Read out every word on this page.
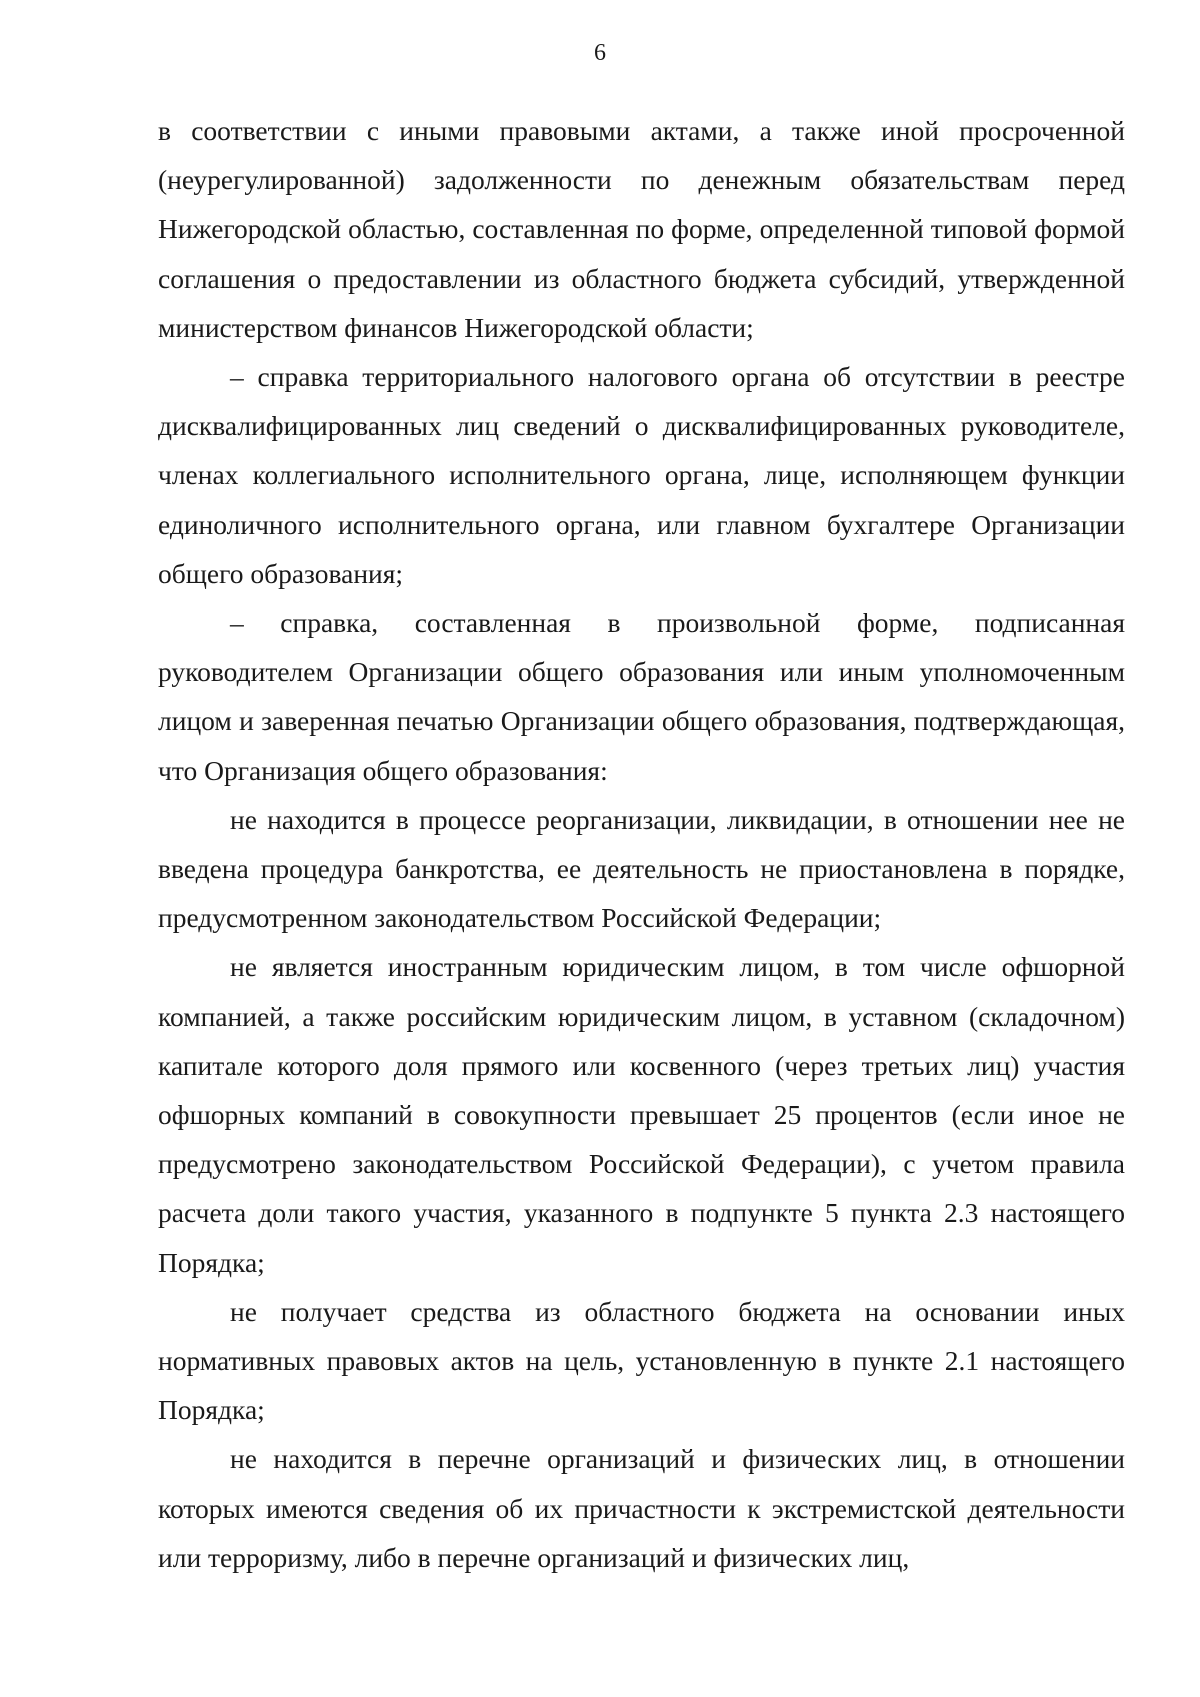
6

в соответствии с иными правовыми актами, а также иной просроченной (неурегулированной) задолженности по денежным обязательствам перед Нижегородской областью, составленная по форме, определенной типовой формой соглашения о предоставлении из областного бюджета субсидий, утвержденной министерством финансов Нижегородской области;

– справка территориального налогового органа об отсутствии в реестре дисквалифицированных лиц сведений о дисквалифицированных руководителе, членах коллегиального исполнительного органа, лице, исполняющем функции единоличного исполнительного органа, или главном бухгалтере Организации общего образования;

– справка, составленная в произвольной форме, подписанная руководителем Организации общего образования или иным уполномоченным лицом и заверенная печатью Организации общего образования, подтверждающая, что Организация общего образования:

не находится в процессе реорганизации, ликвидации, в отношении нее не введена процедура банкротства, ее деятельность не приостановлена в порядке, предусмотренном законодательством Российской Федерации;

не является иностранным юридическим лицом, в том числе офшорной компанией, а также российским юридическим лицом, в уставном (складочном) капитале которого доля прямого или косвенного (через третьих лиц) участия офшорных компаний в совокупности превышает 25 процентов (если иное не предусмотрено законодательством Российской Федерации), с учетом правила расчета доли такого участия, указанного в подпункте 5 пункта 2.3 настоящего Порядка;

не получает средства из областного бюджета на основании иных нормативных правовых актов на цель, установленную в пункте 2.1 настоящего Порядка;

не находится в перечне организаций и физических лиц, в отношении которых имеются сведения об их причастности к экстремистской деятельности или терроризму, либо в перечне организаций и физических лиц,
